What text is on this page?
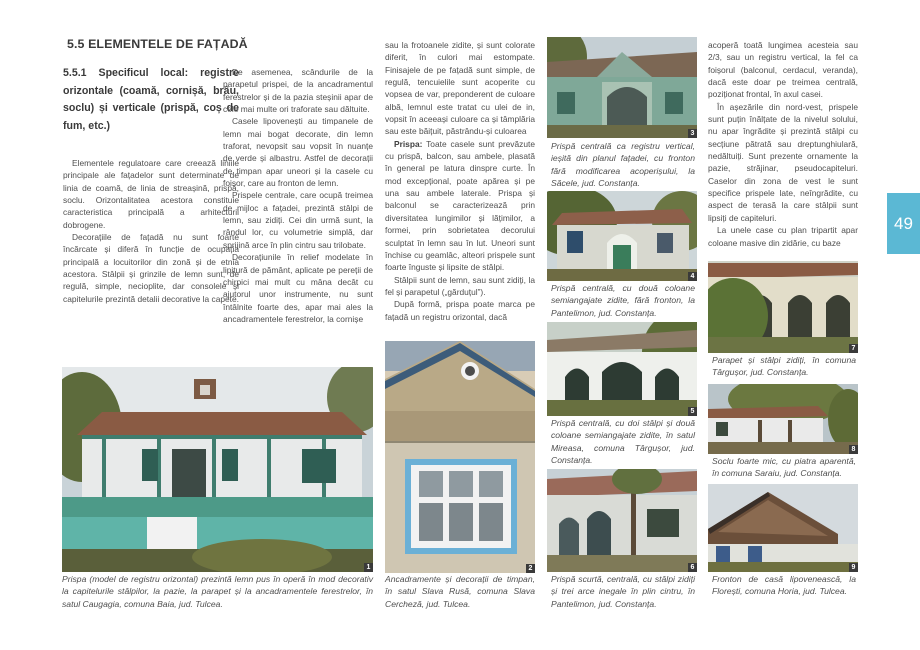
5.5 ELEMENTELE DE FAȚADĂ
5.5.1 Specificul local: registre orizontale (coamă, cornișă, brâu, soclu) și verticale (prispă, coș de fum, etc.)

Elementele regulatoare care creează liniile principale ale fațadelor sunt determinate de linia de coamă, de linia de streașină, prispă, soclu. Orizontalitatea acestora constituie caracteristica principală a arhitecturii dobrogene.

Decorațiile de fațadă nu sunt foarte încărcate și diferă în funcție de ocupația principală a locuitorilor din zonă și de etnia acestora. Stâlpii și grinzile de lemn sunt, de regulă, simple, necioplite, dar consolele și capitelurile prezintă detalii decorative la capete.

De asemenea, scândurile de la parapetul prispei, de la ancadramentul ferestrelor și de la pazia steșinii apar de cele mai multe ori traforate sau dăltuite.

Casele lipovenești au timpanele de lemn mai bogat decorate, din lemn traforat, nevopsit sau vopsit în nuanțe de verde și albastru. Astfel de decorații de timpan apar uneori și la casele cu foișor, care au fronton de lemn.

Prispele centrale, care ocupă treimea de mijloc a fațadei, prezintă stâlpi de lemn, sau zidiți. Cei din urmă sunt, la rândul lor, cu volumetrie simplă, dar sprijină arce în plin cintru sau trilobate.

Decorațiunile în relief modelate în lipitură de pământ, aplicate pe pereții de chirpici mai mult cu mâna decât cu ajutorul unor instrumente, nu sunt întâlnite foarte des, apar mai ales la ancadramentele ferestrelor, la cornișe

sau la frotoanele zidite, și sunt colorate diferit, în culori mai estompate. Finisajele de pe fațadă sunt simple, de regulă, tencuielile sunt acoperite cu vopsea de var, preponderent de culoare albă, lemnul este tratat cu ulei de in, vopsit în aceeași culoare ca și tâmplăria sau este băițuit, păstrându-și culoarea

Prispa: Toate casele sunt prevăzute cu prispă, balcon, sau ambele, plasată în general pe latura dinspre curte. În mod excepțional, poate apărea și pe una sau ambele laterale. Prispa și balconul se caracterizează prin diversitatea lungimilor și lățimilor, a formei, prin sobrietatea decorului sculptat în lemn sau în lut. Uneori sunt închise cu geamlâc, alteori prispele sunt foarte înguste și lipsite de stâlpi.

Stâlpii sunt de lemn, sau sunt zidiți, la fel și parapetul („gărduțul”).

După formă, prispa poate marca pe fațadă un registru orizontal, dacă

acoperă toată lungimea acesteia sau 2/3, sau un registru vertical, la fel ca foișorul (balconul, cerdacul, veranda), dacă este doar pe treimea centrală, poziționat frontal, în axul casei.

În așezările din nord-vest, prispele sunt puțin înălțate de la nivelul solului, nu apar îngrădite și prezintă stâlpi cu secțiune pătrată sau dreptunghiulară, nedăltuiți. Sunt prezente ornamente la pazie, străjinar, pseudocapiteluri. Caselor din zona de vest le sunt specifice prispele late, neîngrădite, cu aspect de terasă la care stâlpii sunt lipsiți de capiteluri.

La unele case cu plan tripartit apar coloane masive din zidărie, cu baze

1

Prispa (model de registru orizontal) prezintă lemn pus în operă în mod decorativ la capitelurile stâlpilor, la pazie, la parapet și la ancadramentele ferestrelor, în satul Caugagia, comuna Baia, jud. Tulcea.

2

Ancadramente și decorații de timpan, în satul Slava Rusă, comuna Slava Cercheză, jud. Tulcea.

3

Prispă centrală ca registru vertical, ieșită din planul fațadei, cu fronton fără modificarea acoperișului, la Săcele, jud. Constanța.

4

Prispă centrală, cu două coloane semiangajate zidite, fără fronton, la Pantelimon, jud. Constanța.

5

Prispă centrală, cu doi stâlpi și două coloane semiangajate zidite, în satul Mireasa, comuna Târgușor, jud. Constanța.

6

Prispă scurtă, centrală, cu stâlpi zidiți și trei arce inegale în plin cintru, în Pantelimon, jud. Constanța.

7

Parapet și stâlpi zidiți, în comuna Târgușor, jud. Constanța.

8

Soclu foarte mic, cu piatra aparentă, în comuna Saraiu, jud. Constanța.

9

Fronton de casă lipovenească, la Florești, comuna Horia, jud. Tulcea.

49
